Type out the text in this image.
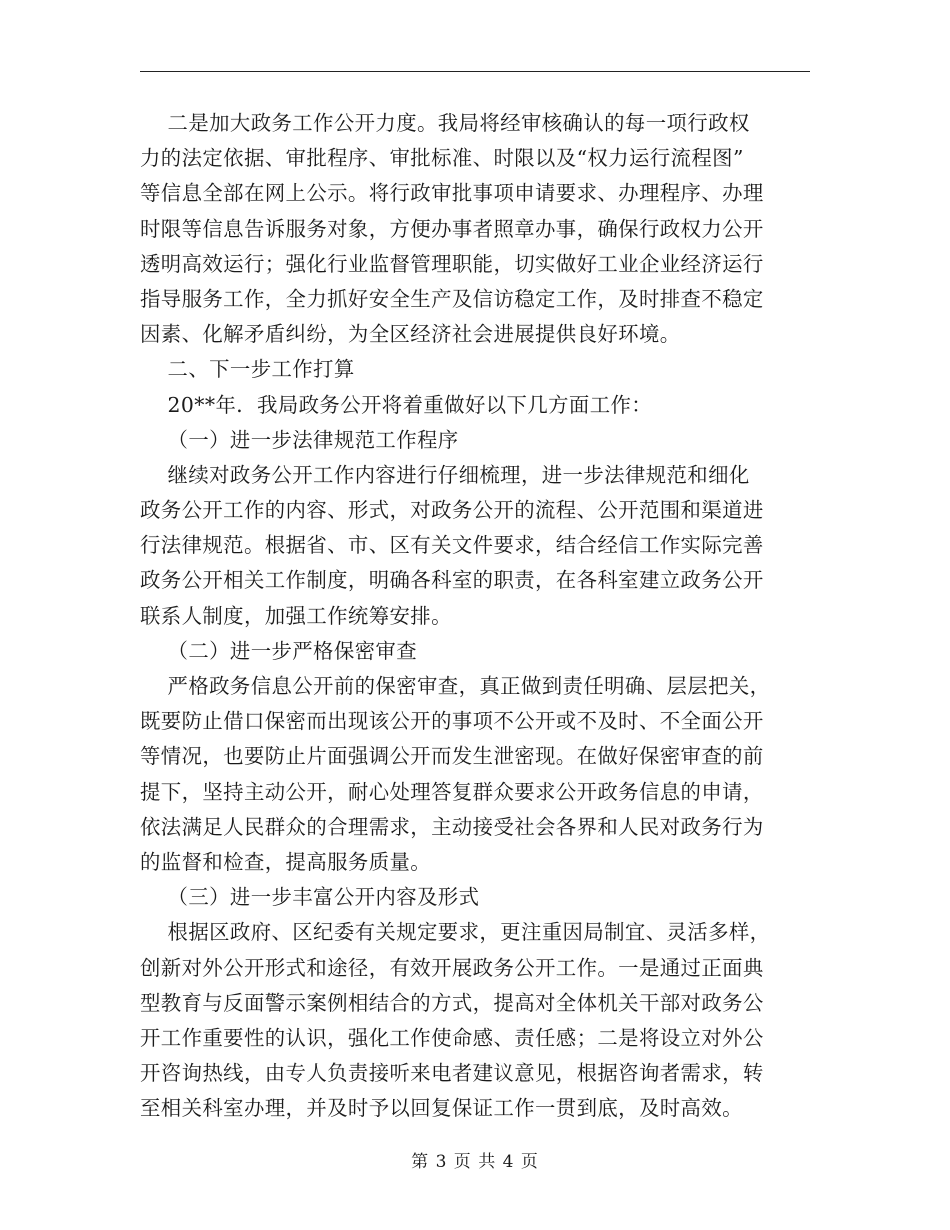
二是加大政务工作公开力度。我局将经审核确认的每一项行政权
力的法定依据、审批程序、审批标准、时限以及“权力运行流程图”
等信息全部在网上公示。将行政审批事项申请要求、办理程序、办理
时限等信息告诉服务对象，方便办事者照章办事，确保行政权力公开
透明高效运行；强化行业监督管理职能，切实做好工业企业经济运行
指导服务工作，全力抓好安全生产及信访稳定工作，及时排查不稳定
因素、化解矛盾纠纷，为全区经济社会进展提供良好环境。
二、下一步工作打算
20**年．我局政务公开将着重做好以下几方面工作：
（一）进一步法律规范工作程序
继续对政务公开工作内容进行仔细梳理，进一步法律规范和细化
政务公开工作的内容、形式，对政务公开的流程、公开范围和渠道进
行法律规范。根据省、市、区有关文件要求，结合经信工作实际完善
政务公开相关工作制度，明确各科室的职责，在各科室建立政务公开
联系人制度，加强工作统筹安排。
（二）进一步严格保密审查
严格政务信息公开前的保密审查，真正做到责任明确、层层把关，
既要防止借口保密而出现该公开的事项不公开或不及时、不全面公开
等情况，也要防止片面强调公开而发生泄密现。在做好保密审查的前
提下，坚持主动公开，耐心处理答复群众要求公开政务信息的申请，
依法满足人民群众的合理需求，主动接受社会各界和人民对政务行为
的监督和检查，提高服务质量。
（三）进一步丰富公开内容及形式
根据区政府、区纪委有关规定要求，更注重因局制宜、灵活多样，
创新对外公开形式和途径，有效开展政务公开工作。一是通过正面典
型教育与反面警示案例相结合的方式，提高对全体机关干部对政务公
开工作重要性的认识，强化工作使命感、责任感；二是将设立对外公
开咨询热线，由专人负责接听来电者建议意见，根据咨询者需求，转
至相关科室办理，并及时予以回复保证工作一贯到底，及时高效。
第 3 页 共 4 页
